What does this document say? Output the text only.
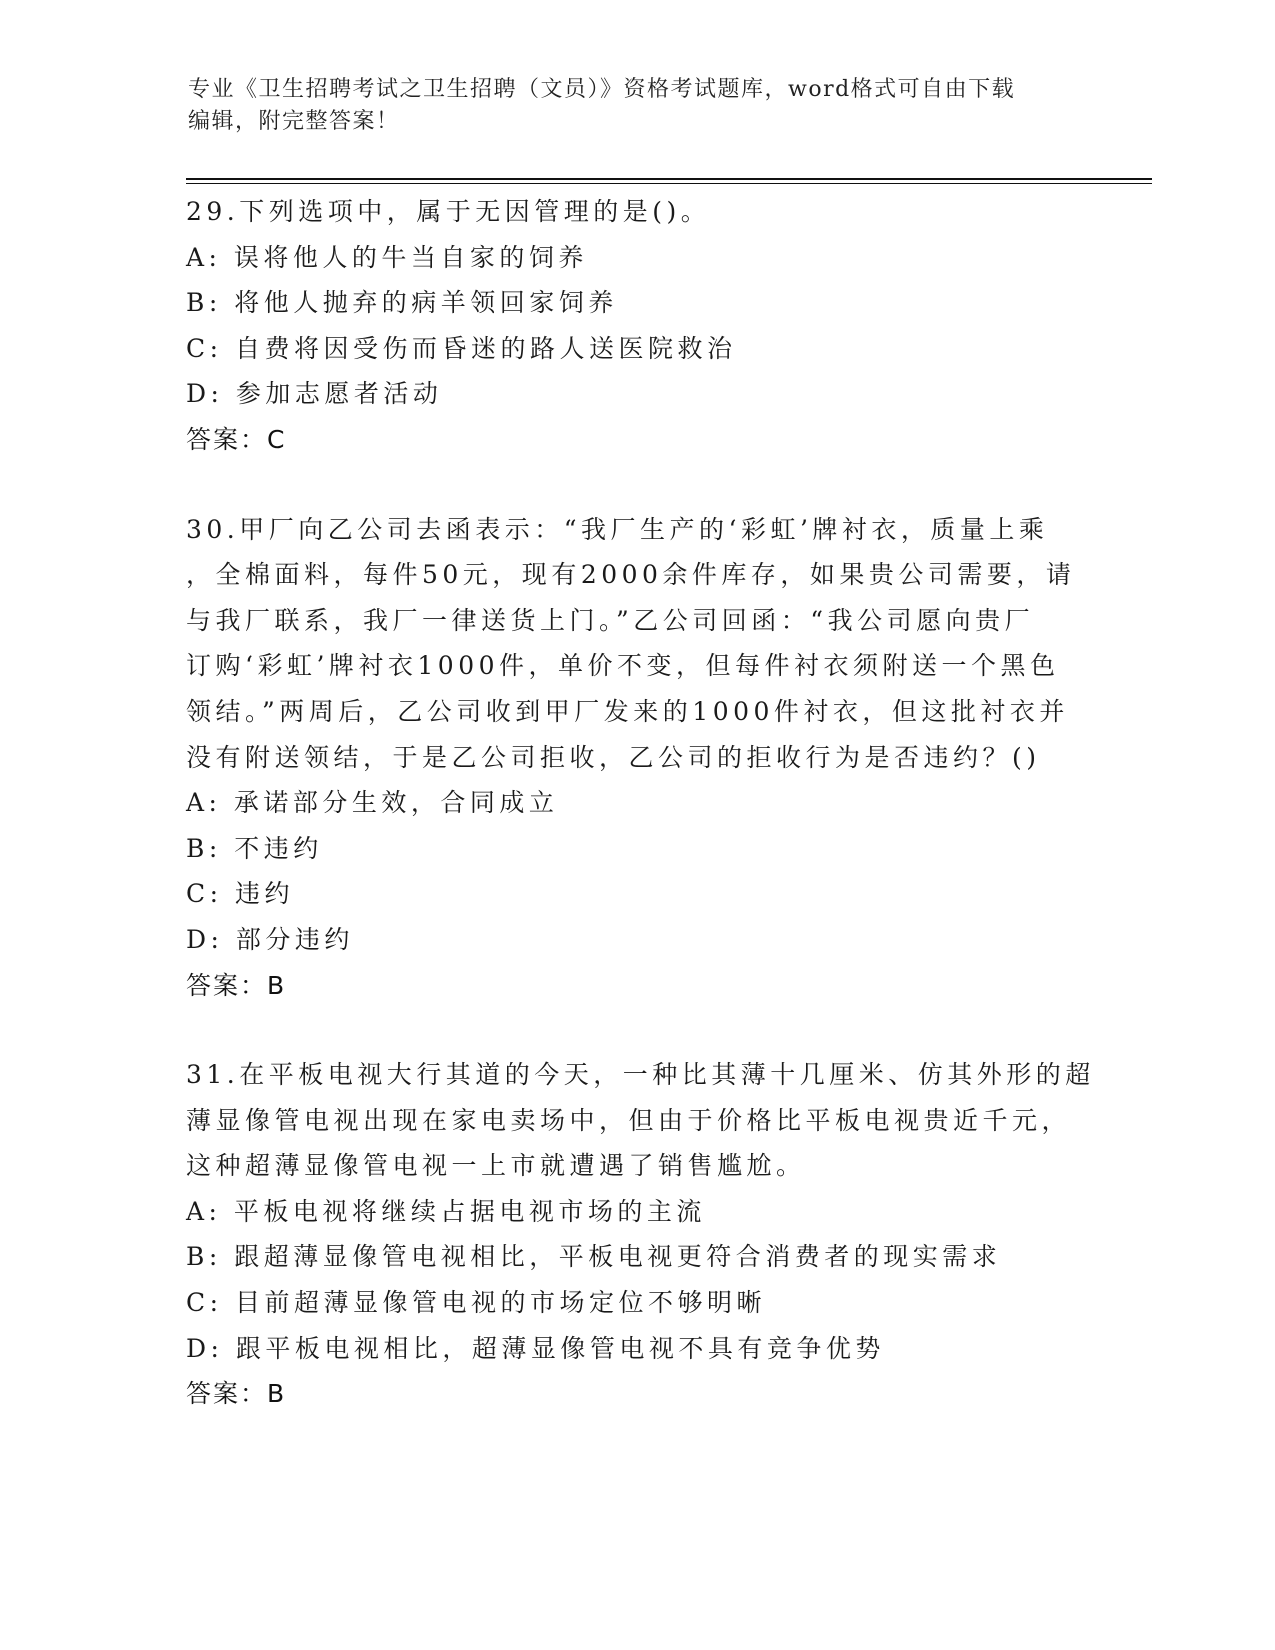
专业《卫生招聘考试之卫生招聘（文员）》资格考试题库，word格式可自由下载
编辑，附完整答案！
29.下列选项中，属于无因管理的是()。
A: 误将他人的牛当自家的饲养
B: 将他人抛弃的病羊领回家饲养
C: 自费将因受伤而昏迷的路人送医院救治
D: 参加志愿者活动
答案：C
30.甲厂向乙公司去函表示：“我厂生产的‘彩虹’牌衬衣，质量上乘
，全棉面料，每件50元，现有2000余件库存，如果贵公司需要，请
与我厂联系，我厂一律送货上门。”乙公司回函：“我公司愿向贵厂
订购‘彩虹’牌衬衣1000件，单价不变，但每件衬衣须附送一个黑色
领结。”两周后，乙公司收到甲厂发来的1000件衬衣，但这批衬衣并
没有附送领结，于是乙公司拒收，乙公司的拒收行为是否违约？()
A: 承诺部分生效，合同成立
B: 不违约
C: 违约
D: 部分违约
答案：B
31.在平板电视大行其道的今天，一种比其薄十几厘米、仿其外形的超
薄显像管电视出现在家电卖场中，但由于价格比平板电视贵近千元，
这种超薄显像管电视一上市就遭遇了销售尴尬。
A: 平板电视将继续占据电视市场的主流
B: 跟超薄显像管电视相比，平板电视更符合消费者的现实需求
C: 目前超薄显像管电视的市场定位不够明晰
D: 跟平板电视相比，超薄显像管电视不具有竞争优势
答案：B
